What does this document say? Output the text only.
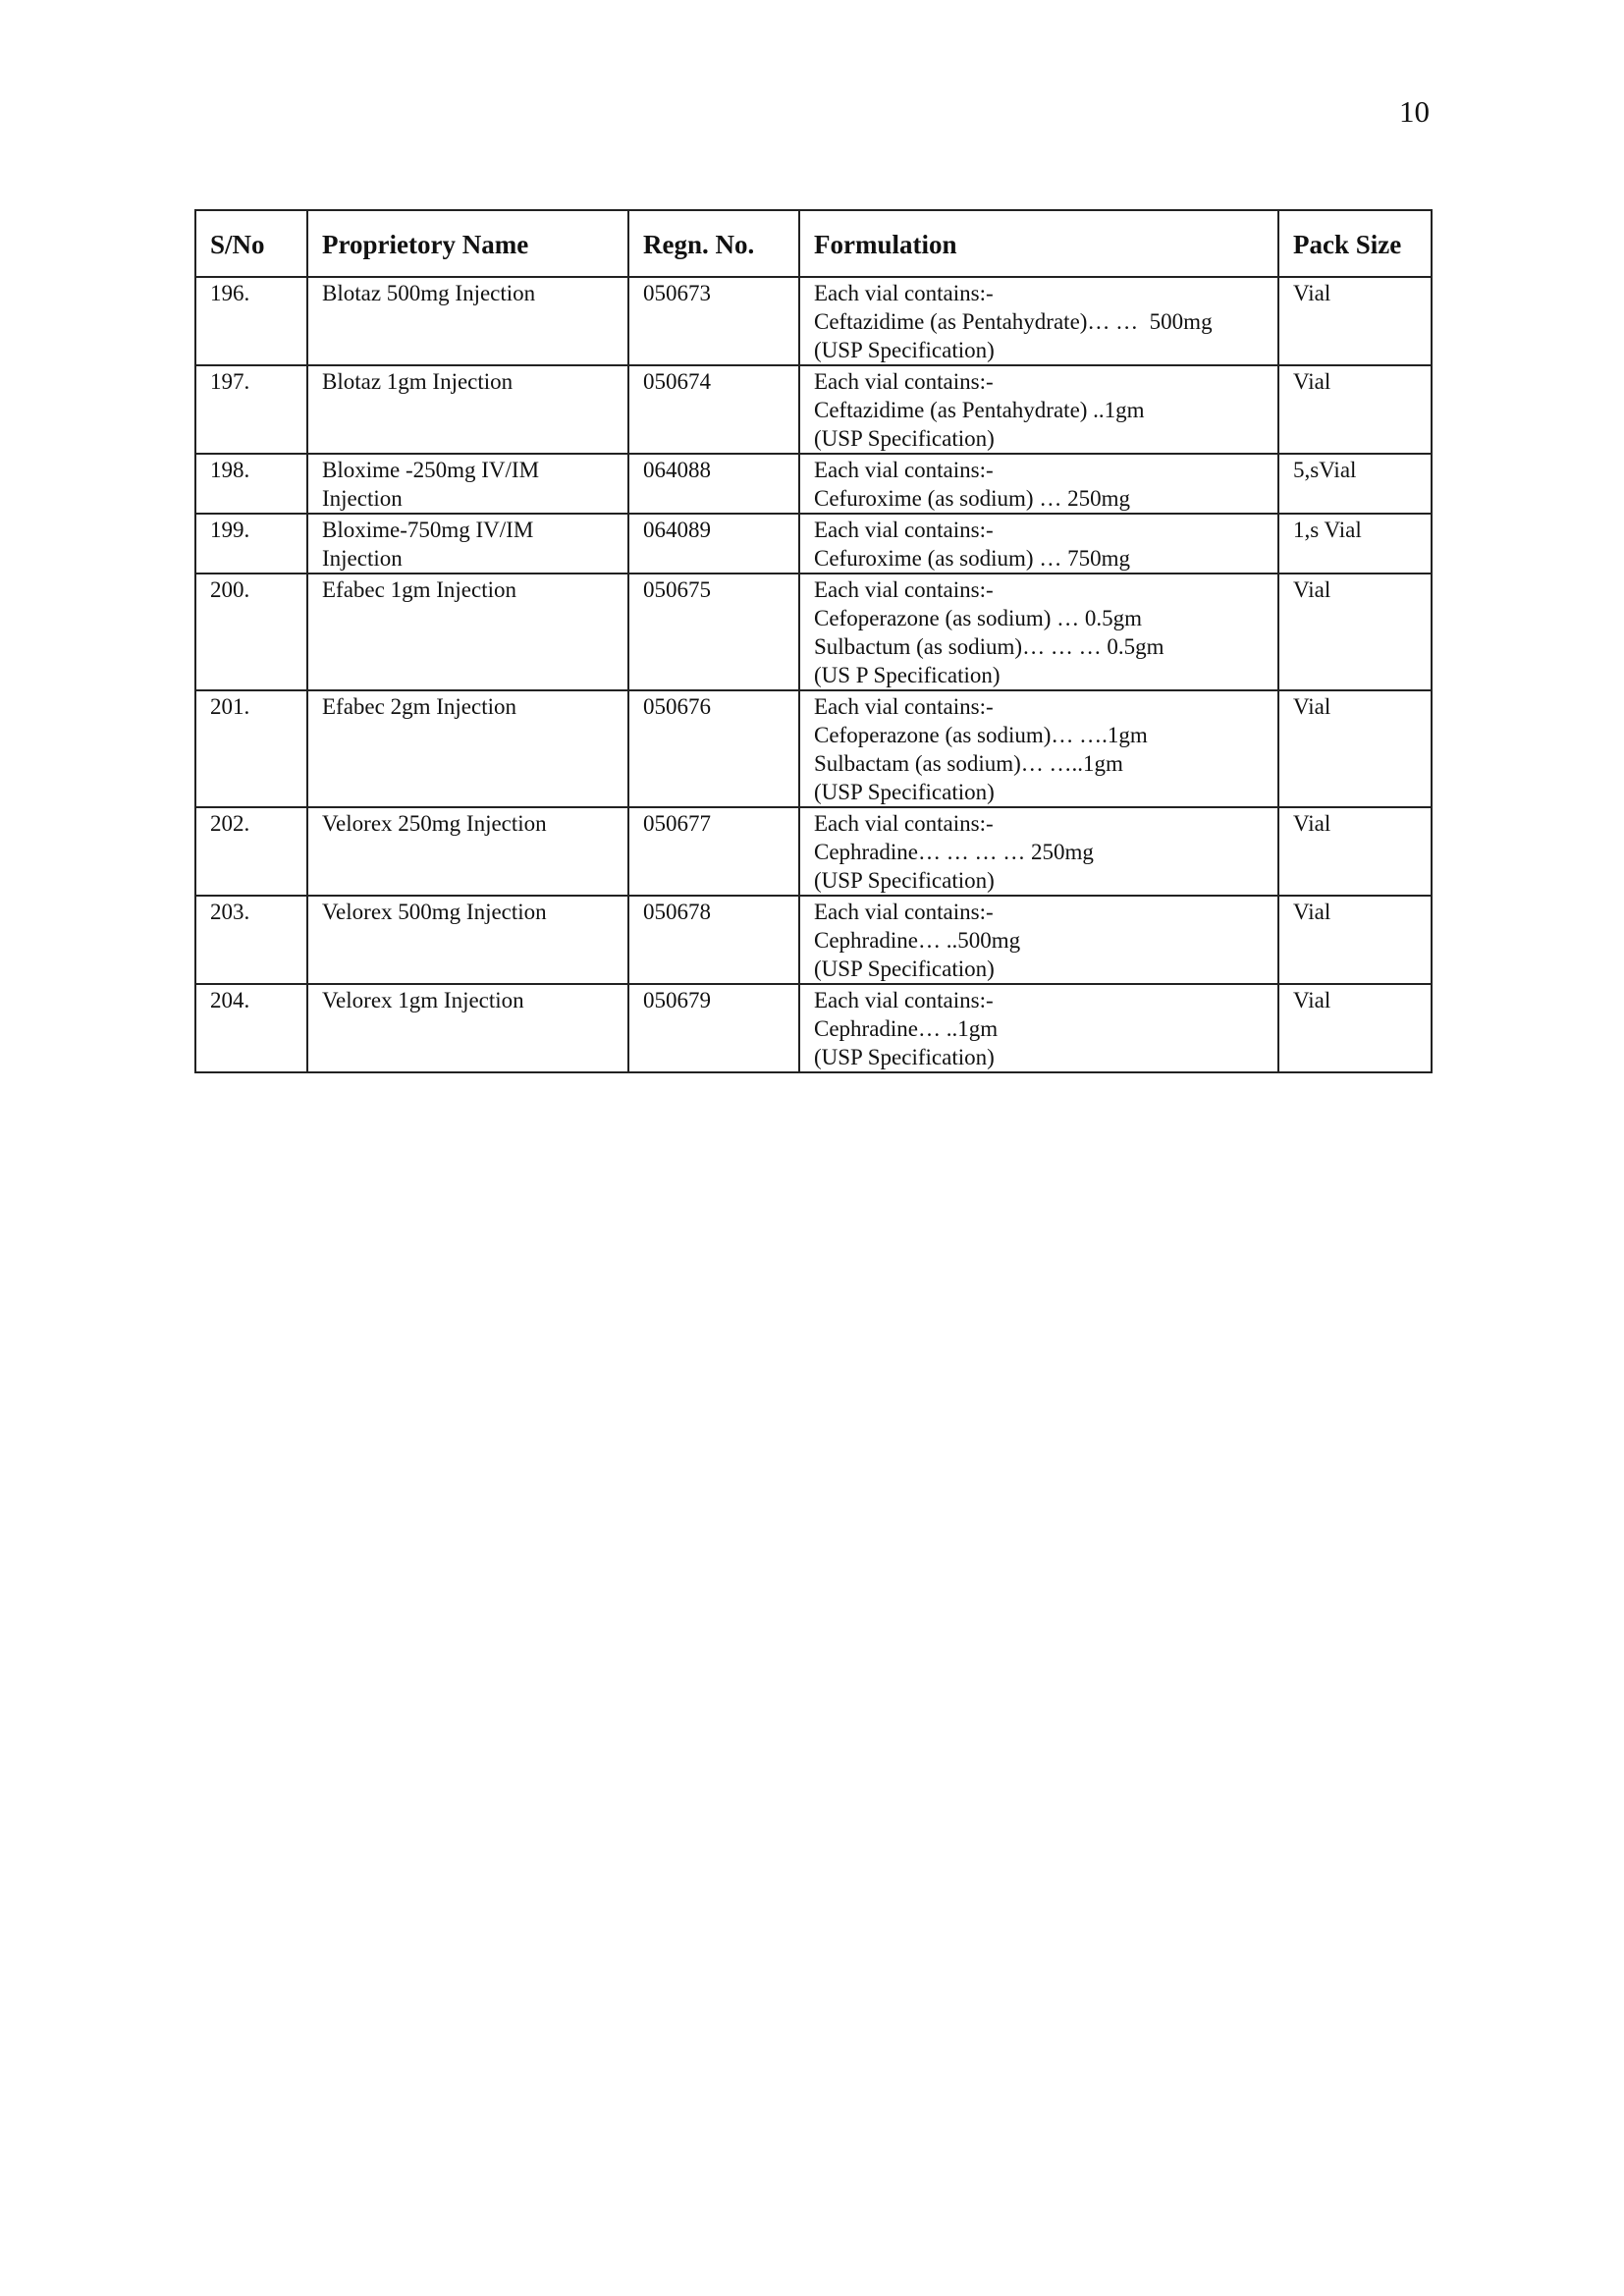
10
S/No	Proprietory Name	Regn. No.	Formulation	Pack Size
196.	Blotaz 500mg Injection	050673	Each vial contains:-
Ceftazidime (as Pentahydrate)… …  500mg
(USP Specification)	Vial
197.	Blotaz 1gm Injection	050674	Each vial contains:-
Ceftazidime (as Pentahydrate) ..1gm
(USP Specification)	Vial
198.	Bloxime -250mg IV/IM
Injection	064088	Each vial contains:-
Cefuroxime (as sodium) … 250mg	5,sVial
199.	Bloxime-750mg IV/IM
Injection	064089	Each vial contains:-
Cefuroxime (as sodium) … 750mg	1,s Vial
200.	Efabec 1gm Injection	050675	Each vial contains:-
Cefoperazone (as sodium) … 0.5gm
Sulbactum (as sodium)… … … 0.5gm
(US P Specification)	Vial
201.	Efabec 2gm Injection	050676	Each vial contains:-
Cefoperazone (as sodium)… ….1gm
Sulbactam (as sodium)… …..1gm
(USP Specification)	Vial
202.	Velorex 250mg Injection	050677	Each vial contains:-
Cephradine… … … … 250mg
(USP Specification)	Vial
203.	Velorex 500mg Injection	050678	Each vial contains:-
Cephradine… ..500mg
(USP Specification)	Vial
204.	Velorex 1gm Injection	050679	Each vial contains:-
Cephradine… ..1gm
(USP Specification)	Vial
